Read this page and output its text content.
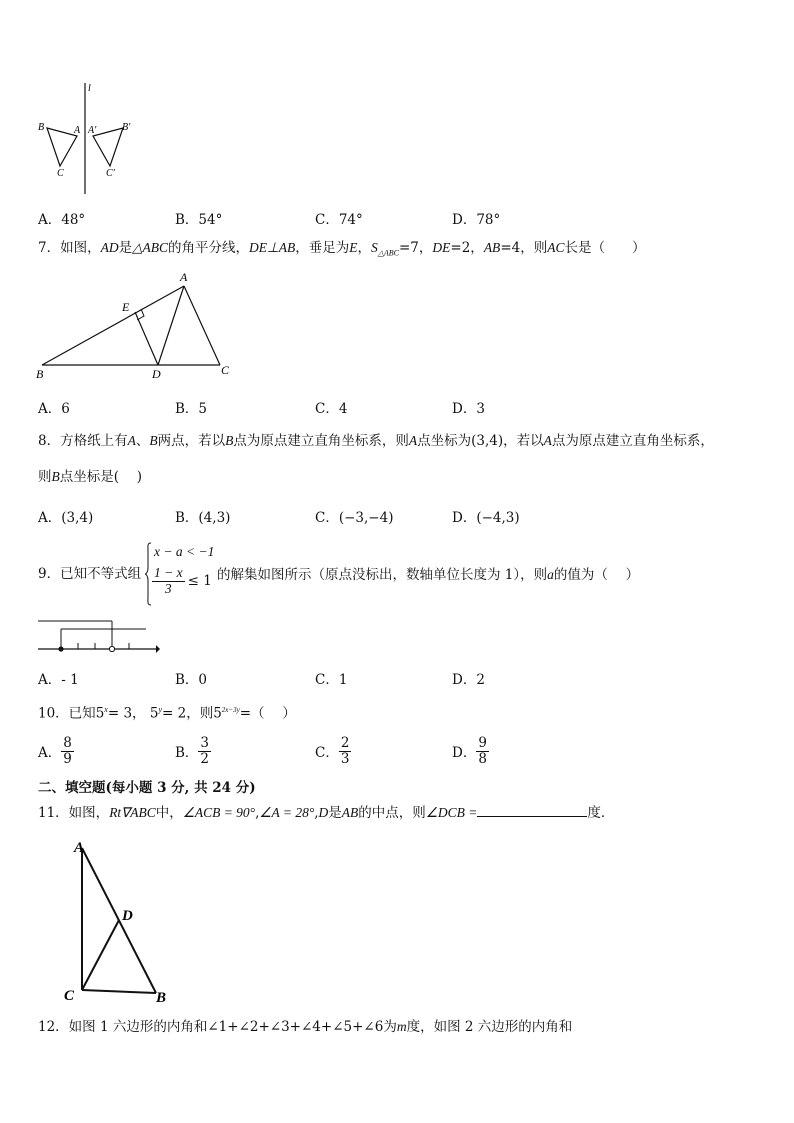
l
B	A
C
A′	B′
C′
A．48°	B．54°	C．74°	D．78°
7．如图，AD是△ABC的角平分线，DE⊥AB，垂足为E，$S_{\triangle ABC}=7$，DE=2，AB=4，则AC长是（　　）
A
E
B	D	C
A．6	B．5	C．4	D．3
8．方格纸上有A、B两点，若以B点为原点建立直角坐标系，则A点坐标为(3,4)，若以A点为原点建立直角坐标系，
则B点坐标是(　 )
A．(3,4)	B．(4,3)	C．(−3,−4)	D．(−4,3)
9．已知不等式组
x − a < −1
$\frac{1 - x}{3} \le 1$ 的解集如图所示（原点没标出，数轴单位长度为 1），则a的值为（　 ）
A．- 1	B．0	C．1	D．2
10．已知$5^x= 3$， $5^y= 2$，则$5^{2x-3y}=$（　 ）
A． $\frac{8}{9}$	B． $\frac{3}{2}$	C． $\frac{2}{3}$	D． $\frac{9}{8}$
二、填空题(每小题 3 分, 共 24 分)
11．如图，Rt∇ABC中，∠ACB = 90°,∠A = 28°,D是AB的中点，则∠DCB =	度．
A
D
C	B
12．如图 1 六边形的内角和∠1+∠2+∠3+∠4+∠5+∠6为m度，如图 2 六边形的内角和
